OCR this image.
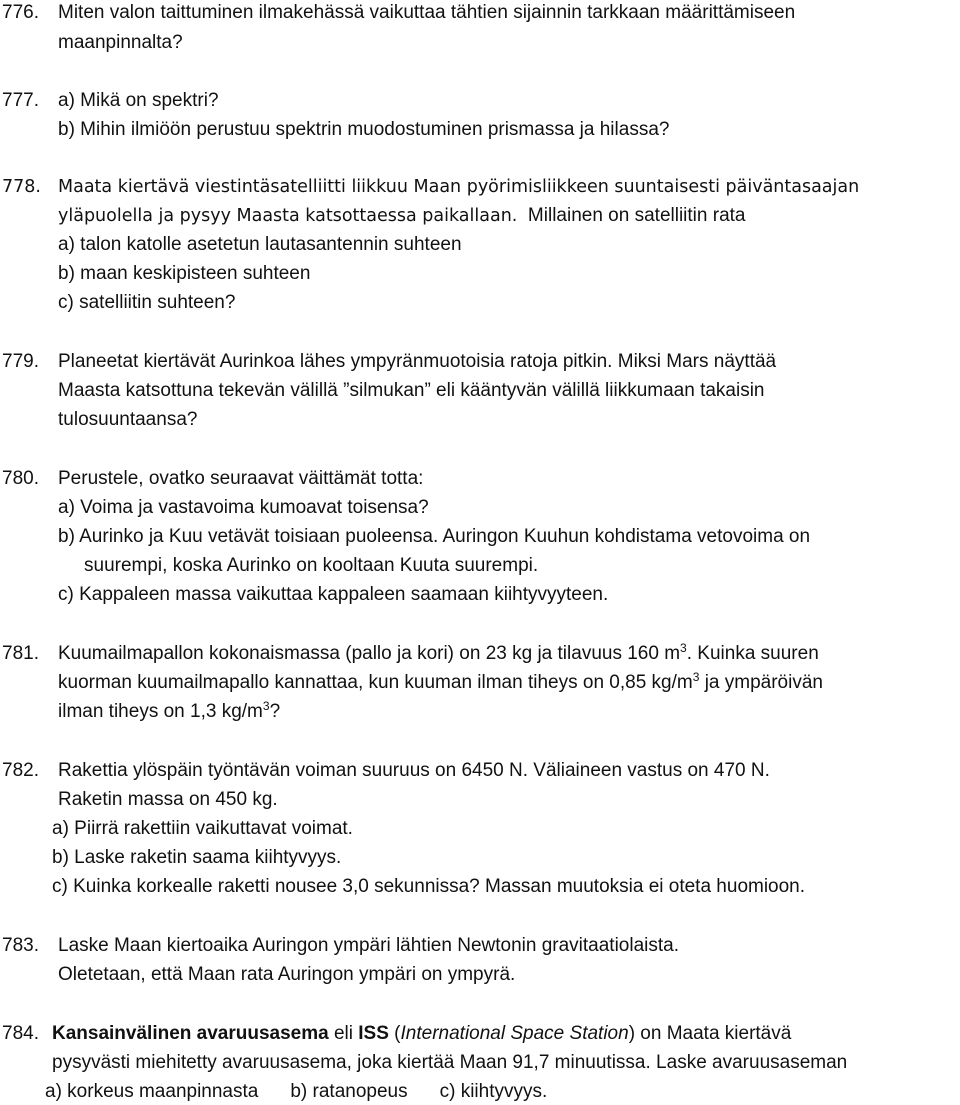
776. Miten valon taittuminen ilmakehässä vaikuttaa tähtien sijainnin tarkkaan määrittämiseen

maanpinnalta?

777. a) Mikä on spektri?

b) Mihin ilmiöön perustuu spektrin muodostuminen prismassa ja hilassa?

778. Maata kiertävä viestintäsatelliitti liikkuu Maan pyörimisliikkeen suuntaisesti päiväntasaajan

yläpuolella ja pysyy Maasta katsottaessa paikallaan. Millainen on satelliitin rata

a) talon katolle asetetun lautasantennin suhteen

b) maan keskipisteen suhteen

c) satelliitin suhteen?

779. Planeetat kiertävät Aurinkoa lähes ympyränmuotoisia ratoja pitkin. Miksi Mars näyttää

Maasta katsottuna tekevän välillä ”silmukan” eli kääntyvän välillä liikkumaan takaisin

tulosuuntaansa?

780. Perustele, ovatko seuraavat väittämät totta:

a) Voima ja vastavoima kumoavat toisensa?

b) Aurinko ja Kuu vetävät toisiaan puoleensa. Auringon Kuuhun kohdistama vetovoima on

suurempi, koska Aurinko on kooltaan Kuuta suurempi.

c) Kappaleen massa vaikuttaa kappaleen saamaan kiihtyvyyteen.

781. Kuumailmapallon kokonaismassa (pallo ja kori) on 23 kg ja tilavuus 160 $m^3$. Kuinka suuren

kuorman kuumailmapallo kannattaa, kun kuuman ilman tiheys on 0,85 $kg/m^3$ ja ympäröivän

ilman tiheys on 1,3 $kg/m^3$?

782. Rakettia ylöspäin työntävän voiman suuruus on 6450 N. Väliaineen vastus on 470 N.

Raketin massa on 450 kg.

a) Piirrä rakettiin vaikuttavat voimat.

b) Laske raketin saama kiihtyvyys.

c) Kuinka korkealle raketti nousee 3,0 sekunnissa? Massan muutoksia ei oteta huomioon.

783. Laske Maan kiertoaika Auringon ympäri lähtien Newtonin gravitaatiolaista.

Oletetaan, että Maan rata Auringon ympäri on ympyrä.

784. Kansainvälinen avaruusasema eli ISS (International Space Station) on Maata kiertävä

pysyvästi miehitetty avaruusasema, joka kiertää Maan 91,7 minuutissa. Laske avaruusaseman

a) korkeus maanpinnasta b) ratanopeus c) kiihtyvyys.
